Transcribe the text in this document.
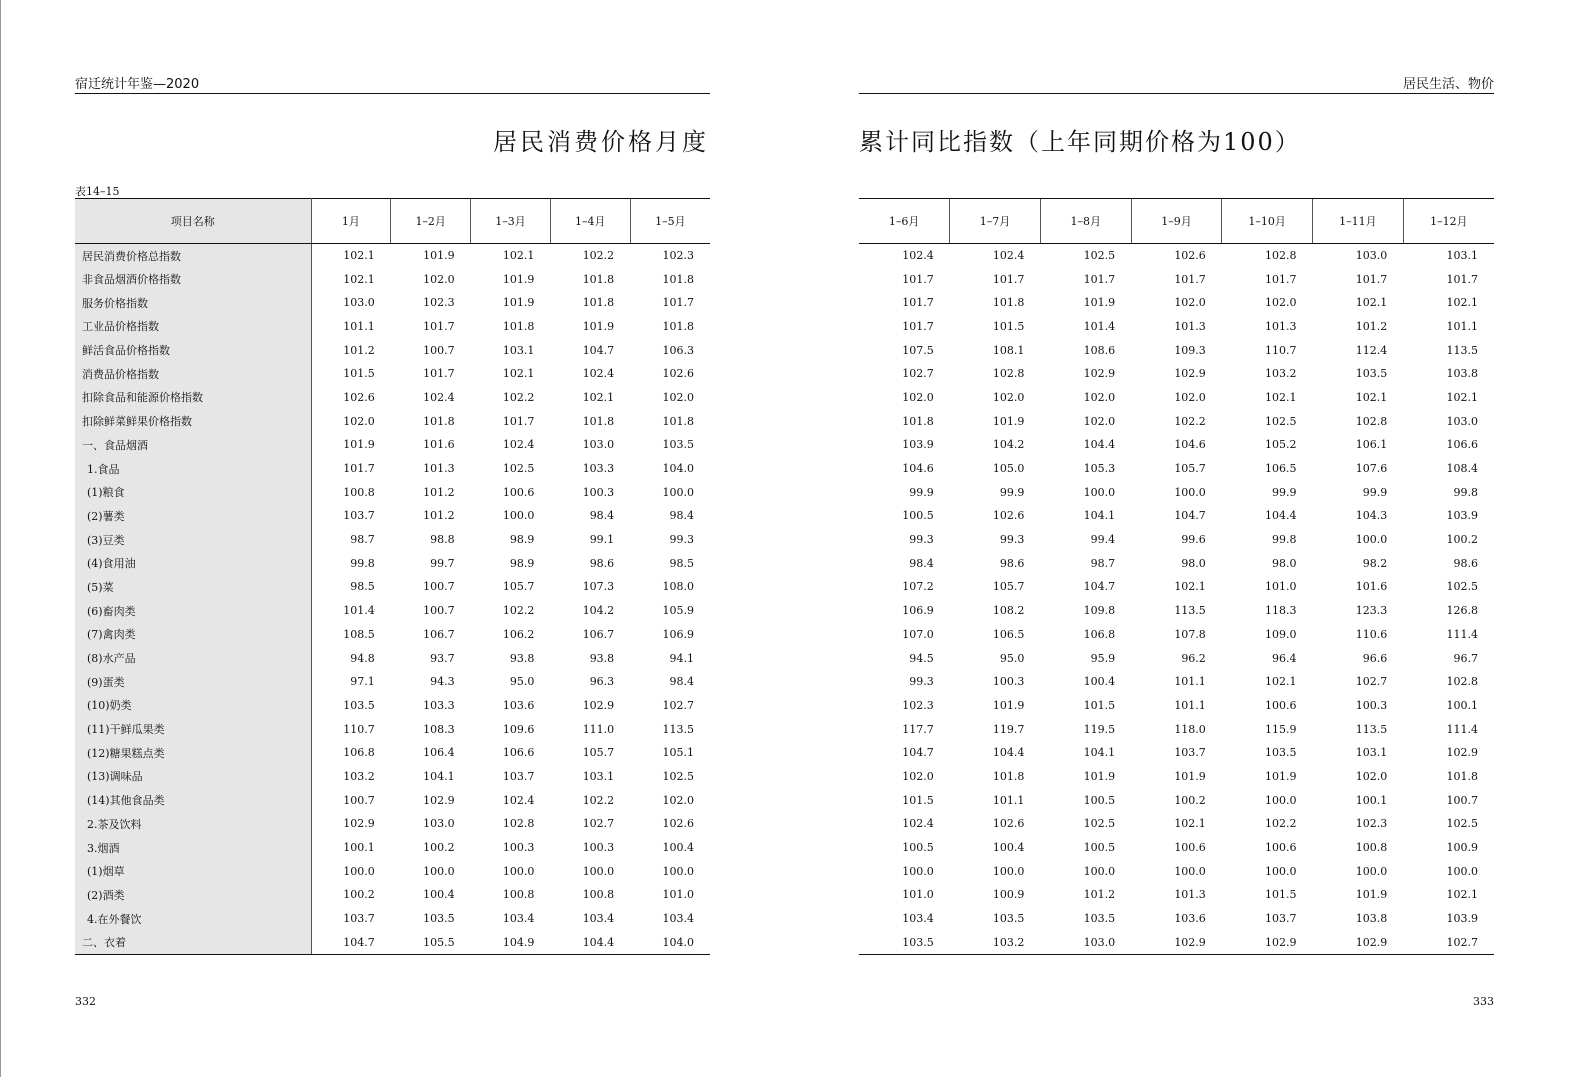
宿迁统计年鉴—2020
居民消费价格月度
表14–15
项目名称	1月	1–2月	1–3月	1–4月	1–5月
居民消费价格总指数	102.1	101.9	102.1	102.2	102.3
非食品烟酒价格指数	102.1	102.0	101.9	101.8	101.8
服务价格指数	103.0	102.3	101.9	101.8	101.7
工业品价格指数	101.1	101.7	101.8	101.9	101.8
鲜活食品价格指数	101.2	100.7	103.1	104.7	106.3
消费品价格指数	101.5	101.7	102.1	102.4	102.6
扣除食品和能源价格指数	102.6	102.4	102.2	102.1	102.0
扣除鲜菜鲜果价格指数	102.0	101.8	101.7	101.8	101.8
一、食品烟酒	101.9	101.6	102.4	103.0	103.5
1.食品	101.7	101.3	102.5	103.3	104.0
(1)粮食	100.8	101.2	100.6	100.3	100.0
(2)薯类	103.7	101.2	100.0	98.4	98.4
(3)豆类	98.7	98.8	98.9	99.1	99.3
(4)食用油	99.8	99.7	98.9	98.6	98.5
(5)菜	98.5	100.7	105.7	107.3	108.0
(6)畜肉类	101.4	100.7	102.2	104.2	105.9
(7)禽肉类	108.5	106.7	106.2	106.7	106.9
(8)水产品	94.8	93.7	93.8	93.8	94.1
(9)蛋类	97.1	94.3	95.0	96.3	98.4
(10)奶类	103.5	103.3	103.6	102.9	102.7
(11)干鲜瓜果类	110.7	108.3	109.6	111.0	113.5
(12)糖果糕点类	106.8	106.4	106.6	105.7	105.1
(13)调味品	103.2	104.1	103.7	103.1	102.5
(14)其他食品类	100.7	102.9	102.4	102.2	102.0
2.茶及饮料	102.9	103.0	102.8	102.7	102.6
3.烟酒	100.1	100.2	100.3	100.3	100.4
(1)烟草	100.0	100.0	100.0	100.0	100.0
(2)酒类	100.2	100.4	100.8	100.8	101.0
4.在外餐饮	103.7	103.5	103.4	103.4	103.4
二、衣着	104.7	105.5	104.9	104.4	104.0
332
居民生活、物价
累计同比指数（上年同期价格为100）
1–6月	1–7月	1–8月	1–9月	1–10月	1–11月	1–12月
102.4	102.4	102.5	102.6	102.8	103.0	103.1
101.7	101.7	101.7	101.7	101.7	101.7	101.7
101.7	101.8	101.9	102.0	102.0	102.1	102.1
101.7	101.5	101.4	101.3	101.3	101.2	101.1
107.5	108.1	108.6	109.3	110.7	112.4	113.5
102.7	102.8	102.9	102.9	103.2	103.5	103.8
102.0	102.0	102.0	102.0	102.1	102.1	102.1
101.8	101.9	102.0	102.2	102.5	102.8	103.0
103.9	104.2	104.4	104.6	105.2	106.1	106.6
104.6	105.0	105.3	105.7	106.5	107.6	108.4
99.9	99.9	100.0	100.0	99.9	99.9	99.8
100.5	102.6	104.1	104.7	104.4	104.3	103.9
99.3	99.3	99.4	99.6	99.8	100.0	100.2
98.4	98.6	98.7	98.0	98.0	98.2	98.6
107.2	105.7	104.7	102.1	101.0	101.6	102.5
106.9	108.2	109.8	113.5	118.3	123.3	126.8
107.0	106.5	106.8	107.8	109.0	110.6	111.4
94.5	95.0	95.9	96.2	96.4	96.6	96.7
99.3	100.3	100.4	101.1	102.1	102.7	102.8
102.3	101.9	101.5	101.1	100.6	100.3	100.1
117.7	119.7	119.5	118.0	115.9	113.5	111.4
104.7	104.4	104.1	103.7	103.5	103.1	102.9
102.0	101.8	101.9	101.9	101.9	102.0	101.8
101.5	101.1	100.5	100.2	100.0	100.1	100.7
102.4	102.6	102.5	102.1	102.2	102.3	102.5
100.5	100.4	100.5	100.6	100.6	100.8	100.9
100.0	100.0	100.0	100.0	100.0	100.0	100.0
101.0	100.9	101.2	101.3	101.5	101.9	102.1
103.4	103.5	103.5	103.6	103.7	103.8	103.9
103.5	103.2	103.0	102.9	102.9	102.9	102.7
333
